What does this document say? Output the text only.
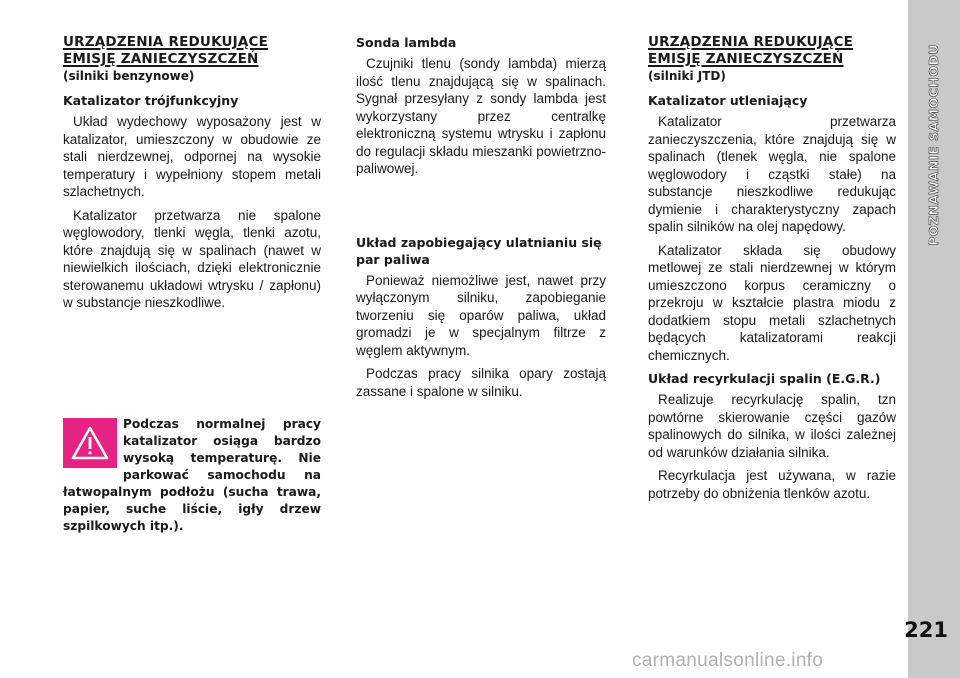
URZĄDZENIA REDUKUJĄCE EMISJĘ ZANIECZYSZCZEŃ

(silniki benzynowe)

Katalizator trójfunkcyjny

Układ wydechowy wyposażony jest w katalizator, umieszczony w obudowie ze stali nierdzewnej, odpornej na wysokie temperatury i wypełniony stopem metali szlachetnych.

Katalizator przetwarza nie spalone węglowodory, tlenki węgla, tlenki azotu, które znajdują się w spalinach (nawet w niewielkich ilościach, dzięki elektronicznie sterowanemu układowi wtrysku / zapłonu) w substancje nieszkodliwe.

Podczas normalnej pracy katalizator osiąga bardzo wysoką temperaturę. Nie parkować samochodu na łatwopalnym podłożu (sucha trawa, papier, suche liście, igły drzew szpilkowych itp.).

Sonda lambda

Czujniki tlenu (sondy lambda) mierzą ilość tlenu znajdującą się w spalinach. Sygnał przesyłany z sondy lambda jest wykorzystany przez centralkę elektroniczną systemu wtrysku i zapłonu do regulacji składu mieszanki powietrzno-paliwowej.

Układ zapobiegający ulatnianiu się par paliwa

Ponieważ niemożliwe jest, nawet przy wyłączonym silniku, zapobieganie tworzeniu się oparów paliwa, układ gromadzi je w specjalnym filtrze z węglem aktywnym.

Podczas pracy silnika opary zostają zassane i spalone w silniku.

URZĄDZENIA REDUKUJĄCE EMISJĘ ZANIECZYSZCZEŃ

(silniki JTD)

Katalizator utleniający

Katalizator przetwarza zanieczyszczenia, które znajdują się w spalinach (tlenek węgla, nie spalone węglowodory i cząstki stałe) na substancje nieszkodliwe redukując dymienie i charakterystyczny zapach spalin silników na olej napędowy.

Katalizator składa się obudowy metlowej ze stali nierdzewnej w którym umieszczono korpus ceramiczny o przekroju w kształcie plastra miodu z dodatkiem stopu metali szlachetnych będących katalizatorami reakcji chemicznych.

Układ recyrkulacji spalin (E.G.R.)

Realizuje recyrkulację spalin, tzn powtórne skierowanie części gazów spalinowych do silnika, w ilości zależnej od warunków działania silnika.

Recyrkulacja jest używana, w razie potrzeby do obniżenia tlenków azotu.

POZNAWANIE SAMOCHODU
221
carmanualsonline.info
